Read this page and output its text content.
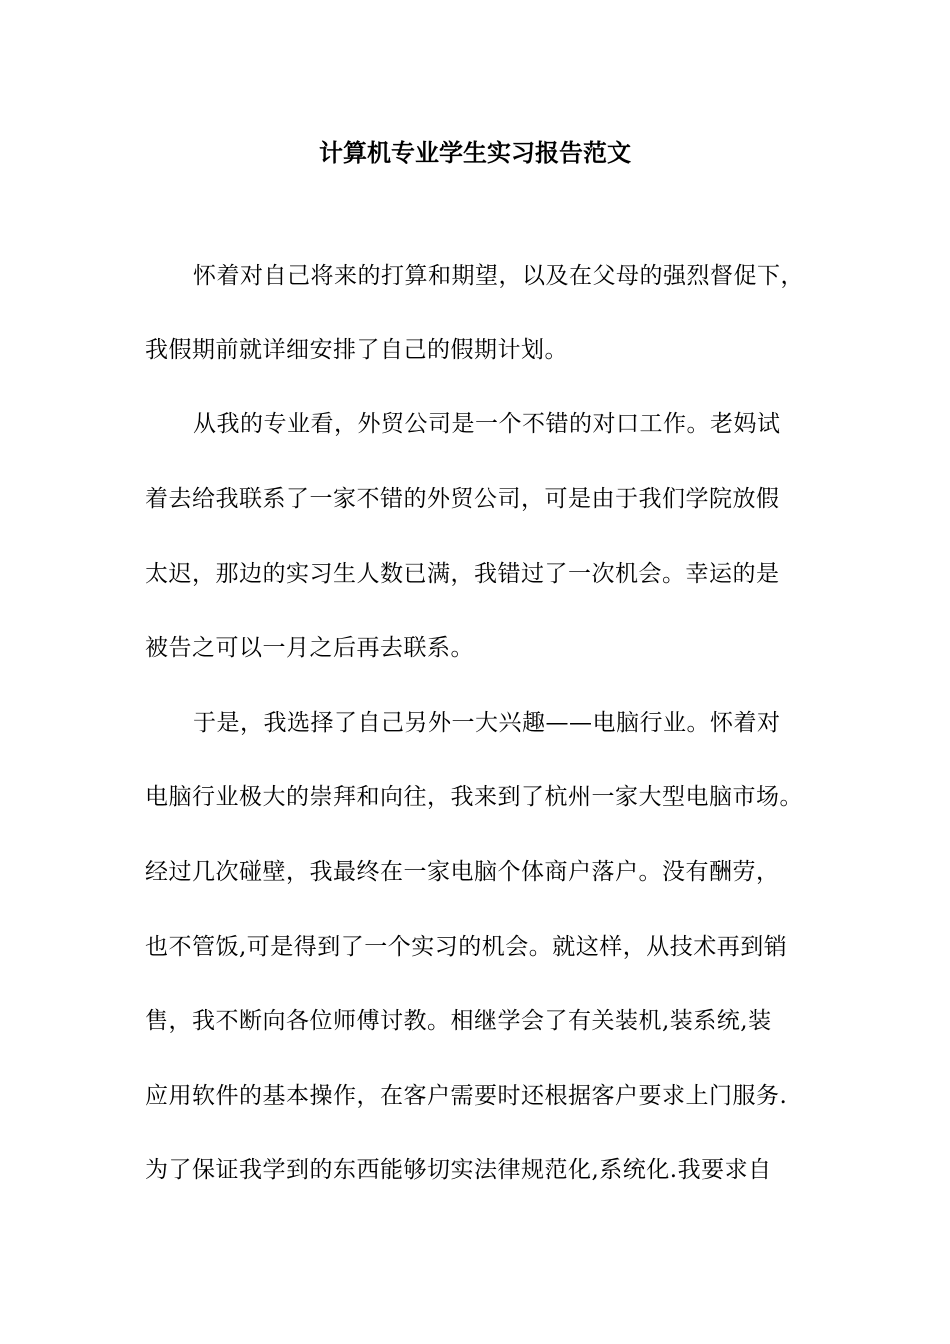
计算机专业学生实习报告范文
怀着对自己将来的打算和期望，以及在父母的强烈督促下，
我假期前就详细安排了自己的假期计划。
从我的专业看，外贸公司是一个不错的对口工作。老妈试
着去给我联系了一家不错的外贸公司，可是由于我们学院放假
太迟，那边的实习生人数已满，我错过了一次机会。幸运的是
被告之可以一月之后再去联系。
于是，我选择了自己另外一大兴趣——电脑行业。怀着对
电脑行业极大的崇拜和向往，我来到了杭州一家大型电脑市场。
经过几次碰壁，我最终在一家电脑个体商户落户。没有酬劳，
也不管饭,可是得到了一个实习的机会。就这样，从技术再到销
售，我不断向各位师傅讨教。相继学会了有关装机,装系统,装
应用软件的基本操作，在客户需要时还根据客户要求上门服务.
为了保证我学到的东西能够切实法律规范化,系统化.我要求自
